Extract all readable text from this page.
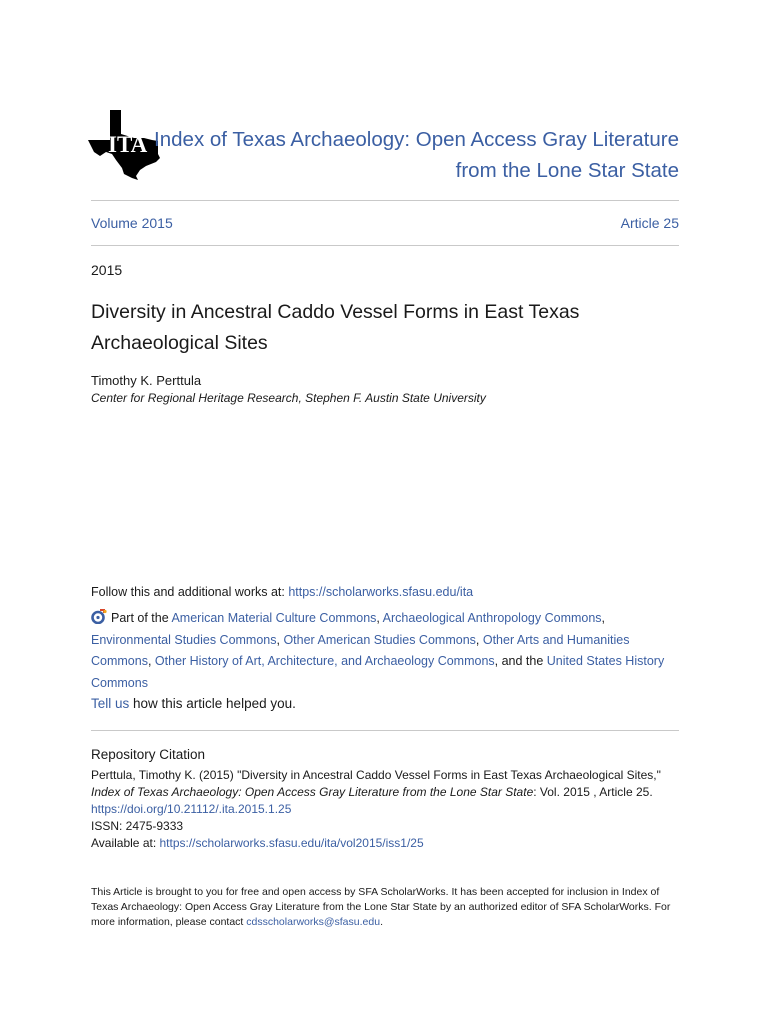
ITA Index of Texas Archaeology: Open Access Gray Literature
from the Lone Star State
Volume 2015	Article 25
2015
Diversity in Ancestral Caddo Vessel Forms in East Texas
Archaeological Sites
Timothy K. Perttula
Center for Regional Heritage Research, Stephen F. Austin State University
Follow this and additional works at: https://scholarworks.sfasu.edu/ita
Part of the American Material Culture Commons, Archaeological Anthropology Commons,
Environmental Studies Commons, Other American Studies Commons, Other Arts and Humanities Commons, Other History of Art, Architecture, and Archaeology Commons, and the United States History Commons
Tell us how this article helped you.
Repository Citation
Perttula, Timothy K. (2015) "Diversity in Ancestral Caddo Vessel Forms in East Texas Archaeological Sites," Index of Texas Archaeology: Open Access Gray Literature from the Lone Star State: Vol. 2015 , Article 25. https://doi.org/10.21112/.ita.2015.1.25
ISSN: 2475-9333
Available at: https://scholarworks.sfasu.edu/ita/vol2015/iss1/25
This Article is brought to you for free and open access by SFA ScholarWorks. It has been accepted for inclusion in Index of Texas Archaeology: Open Access Gray Literature from the Lone Star State by an authorized editor of SFA ScholarWorks. For more information, please contact cdsscholarworks@sfasu.edu.
